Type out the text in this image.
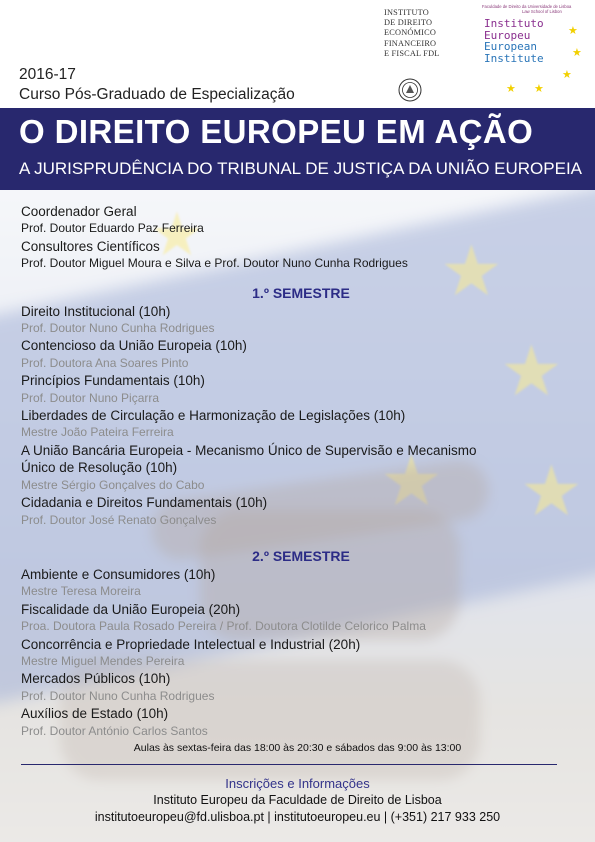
2016-17
Curso Pós-Graduado de Especialização
INSTITUTO
DE DIREITO
ECONÓMICO
FINANCEIRO
E FISCAL FDL
Faculdade de Direito da Universidade de Lisboa
Law School of Lisbon
Instituto
Europeu
European
Institute
★
★
★
★
★
O DIREITO EUROPEU EM AÇÃO
A JURISPRUDÊNCIA DO TRIBUNAL DE JUSTIÇA DA UNIÃO EUROPEIA
Coordenador Geral
Prof. Doutor Eduardo Paz Ferreira
Consultores Científicos
Prof. Doutor Miguel Moura e Silva e Prof. Doutor Nuno Cunha Rodrigues
1.º SEMESTRE
Direito Institucional (10h)
Prof. Doutor Nuno Cunha Rodrigues
Contencioso da União Europeia (10h)
Prof. Doutora Ana Soares Pinto
Princípios Fundamentais (10h)
Prof. Doutor Nuno Piçarra
Liberdades de Circulação e Harmonização de Legislações (10h)
Mestre João Pateira Ferreira
A União Bancária Europeia - Mecanismo Único de Supervisão e Mecanismo
Único de Resolução (10h)
Mestre Sérgio Gonçalves do Cabo
Cidadania e Direitos Fundamentais (10h)
Prof. Doutor José Renato Gonçalves
2.º SEMESTRE
Ambiente e Consumidores (10h)
Mestre Teresa Moreira
Fiscalidade da União Europeia (20h)
Proa. Doutora Paula Rosado Pereira / Prof. Doutora Clotilde Celorico Palma
Concorrência e Propriedade Intelectual e Industrial (20h)
Mestre Miguel Mendes Pereira
Mercados Públicos (10h)
Prof. Doutor Nuno Cunha Rodrigues
Auxílios de Estado (10h)
Prof. Doutor António Carlos Santos
Aulas às sextas-feira das 18:00 às 20:30 e sábados das 9:00 às 13:00
Inscrições e Informações
Instituto Europeu da Faculdade de Direito de Lisboa
institutoeuropeu@fd.ulisboa.pt | institutoeuropeu.eu | (+351) 217 933 250
